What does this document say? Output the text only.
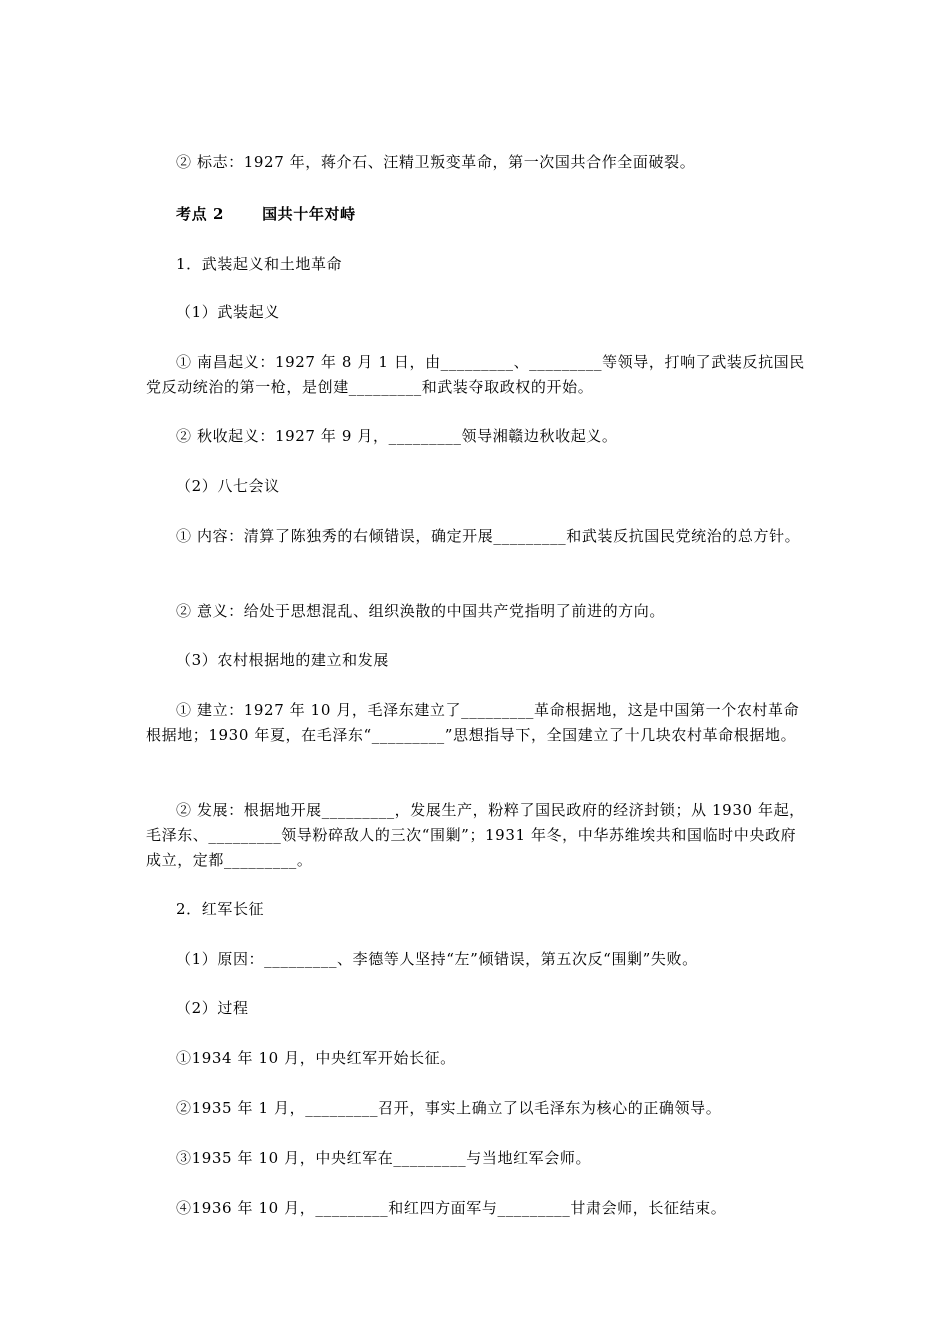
② 标志：1927 年，蒋介石、汪精卫叛变革命，第一次国共合作全面破裂。

考点 2	国共十年对峙

1．武装起义和土地革命

（1）武装起义

① 南昌起义：1927 年 8 月 1 日，由_________、_________等领导，打响了武装反抗国民党反动统治的第一枪，是创建_________和武装夺取政权的开始。

② 秋收起义：1927 年 9 月，_________领导湘赣边秋收起义。

（2）八七会议

① 内容：清算了陈独秀的右倾错误，确定开展_________和武装反抗国民党统治的总方针。

② 意义：给处于思想混乱、组织涣散的中国共产党指明了前进的方向。

（3）农村根据地的建立和发展

① 建立：1927 年 10 月，毛泽东建立了_________革命根据地，这是中国第一个农村革命根据地；1930 年夏，在毛泽东“_________”思想指导下，全国建立了十几块农村革命根据地。

② 发展：根据地开展_________，发展生产，粉粹了国民政府的经济封锁；从 1930 年起，毛泽东、_________领导粉碎敌人的三次“围剿”；1931 年冬，中华苏维埃共和国临时中央政府成立，定都_________。

2．红军长征

（1）原因：_________、李德等人坚持“左”倾错误，第五次反“围剿”失败。

（2）过程

①1934 年 10 月，中央红军开始长征。

②1935 年 1 月，_________召开，事实上确立了以毛泽东为核心的正确领导。

③1935 年 10 月，中央红军在_________与当地红军会师。

④1936 年 10 月，_________和红四方面军与_________甘肃会师，长征结束。
